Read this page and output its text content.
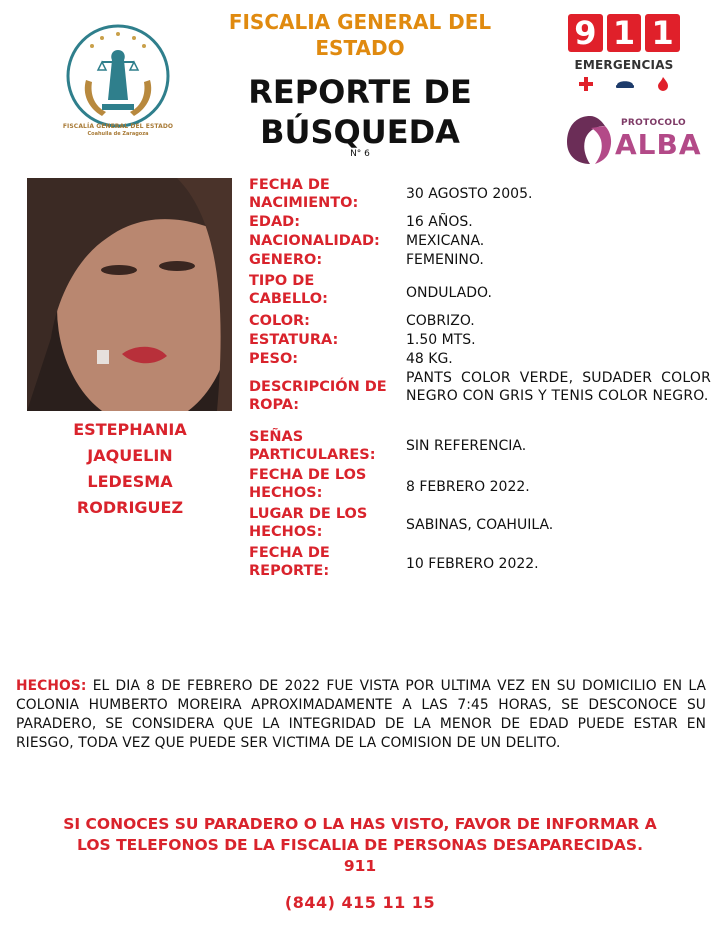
FISCALÍA GENERAL DEL ESTADO
Coahuila de Zaragoza
FISCALIA GENERAL DEL
ESTADO
REPORTE DE
BÚSQUEDA
N° 6
9 1 1
EMERGENCIAS
PROTOCOLO
ALBA
ESTEPHANIA
JAQUELIN
LEDESMA
RODRIGUEZ
FECHA DE
NACIMIENTO:
30 AGOSTO 2005.
EDAD:	16 AÑOS.
NACIONALIDAD: MEXICANA.
GENERO:	FEMENINO.
TIPO DE
CABELLO:	ONDULADO.
COLOR:	COBRIZO.
ESTATURA:	1.50 MTS.
PESO:	48 KG.
DESCRIPCIÓN DE
ROPA:
PANTS COLOR VERDE, SUDADER COLOR NEGRO CON GRIS Y TENIS COLOR NEGRO.
SEÑAS
PARTICULARES:
SIN REFERENCIA.
FECHA DE LOS
HECHOS:	8 FEBRERO 2022.
LUGAR DE LOS
HECHOS:	SABINAS, COAHUILA.
FECHA DE
REPORTE:	10 FEBRERO 2022.
HECHOS: EL DIA 8 DE FEBRERO DE 2022 FUE VISTA POR ULTIMA VEZ EN SU DOMICILIO EN LA COLONIA HUMBERTO MOREIRA APROXIMADAMENTE A LAS 7:45 HORAS, SE DESCONOCE SU PARADERO, SE CONSIDERA QUE LA INTEGRIDAD DE LA MENOR DE EDAD PUEDE ESTAR EN RIESGO, TODA VEZ QUE PUEDE SER VICTIMA DE LA COMISION DE UN DELITO.
SI CONOCES SU PARADERO O LA HAS VISTO, FAVOR DE INFORMAR A
LOS TELEFONOS DE LA FISCALIA DE PERSONAS DESAPARECIDAS.
911
(844) 415 11 15
